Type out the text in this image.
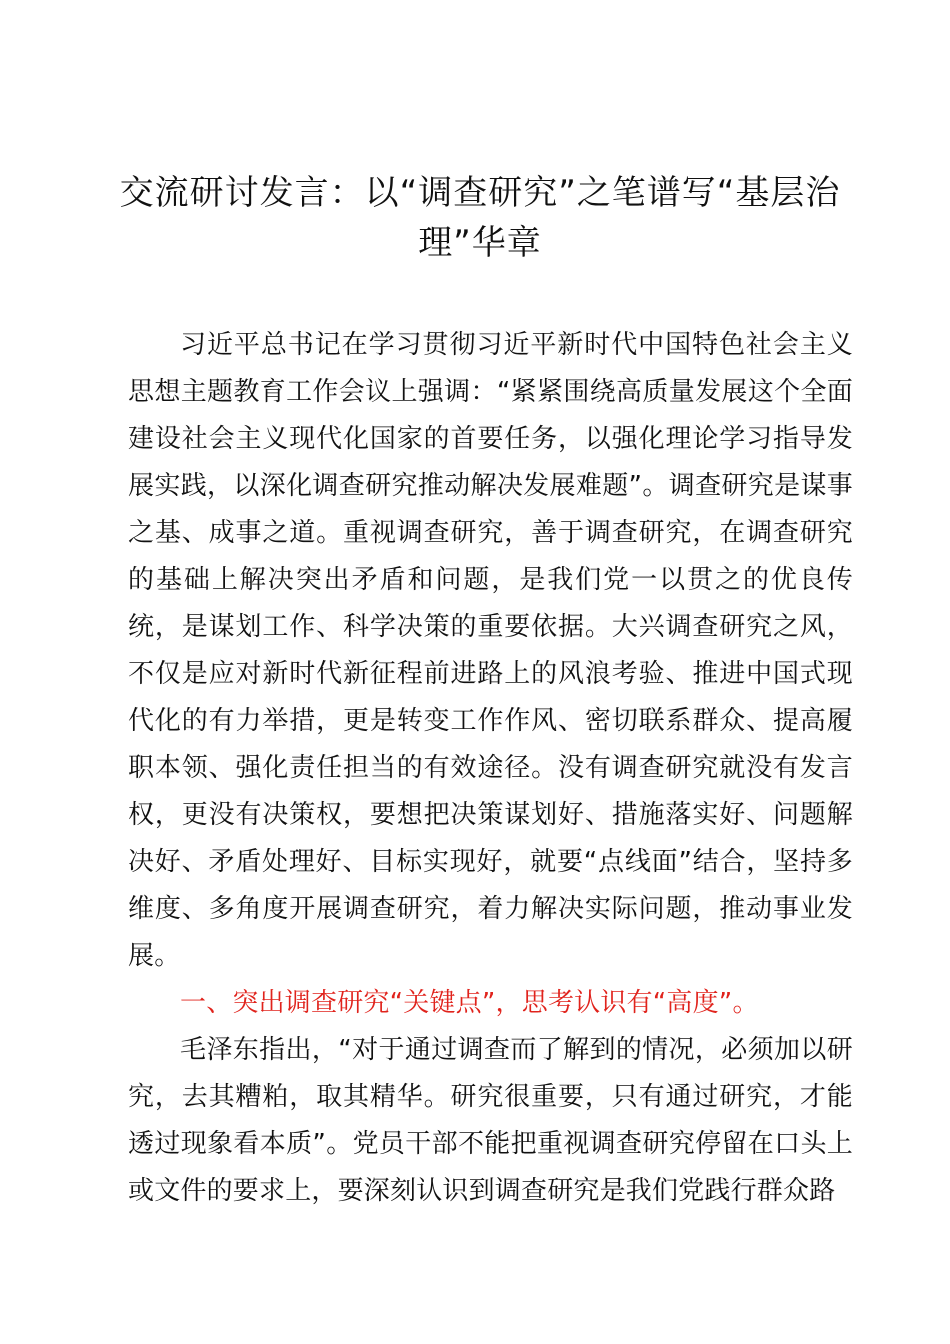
交流研讨发言：以“调查研究”之笔谱写“基层治理”华章

习近平总书记在学习贯彻习近平新时代中国特色社会主义思想主题教育工作会议上强调：“紧紧围绕高质量发展这个全面建设社会主义现代化国家的首要任务，以强化理论学习指导发展实践，以深化调查研究推动解决发展难题”。调查研究是谋事之基、成事之道。重视调查研究，善于调查研究，在调查研究的基础上解决突出矛盾和问题，是我们党一以贯之的优良传统，是谋划工作、科学决策的重要依据。大兴调查研究之风，不仅是应对新时代新征程前进路上的风浪考验、推进中国式现代化的有力举措，更是转变工作作风、密切联系群众、提高履职本领、强化责任担当的有效途径。没有调查研究就没有发言权，更没有决策权，要想把决策谋划好、措施落实好、问题解决好、矛盾处理好、目标实现好，就要“点线面”结合，坚持多维度、多角度开展调查研究，着力解决实际问题，推动事业发展。

一、突出调查研究“关键点”，思考认识有“高度”。

毛泽东指出，“对于通过调查而了解到的情况，必须加以研究，去其糟粕，取其精华。研究很重要，只有通过研究，才能透过现象看本质”。党员干部不能把重视调查研究停留在口头上或文件的要求上，要深刻认识到调查研究是我们党践行群众路
